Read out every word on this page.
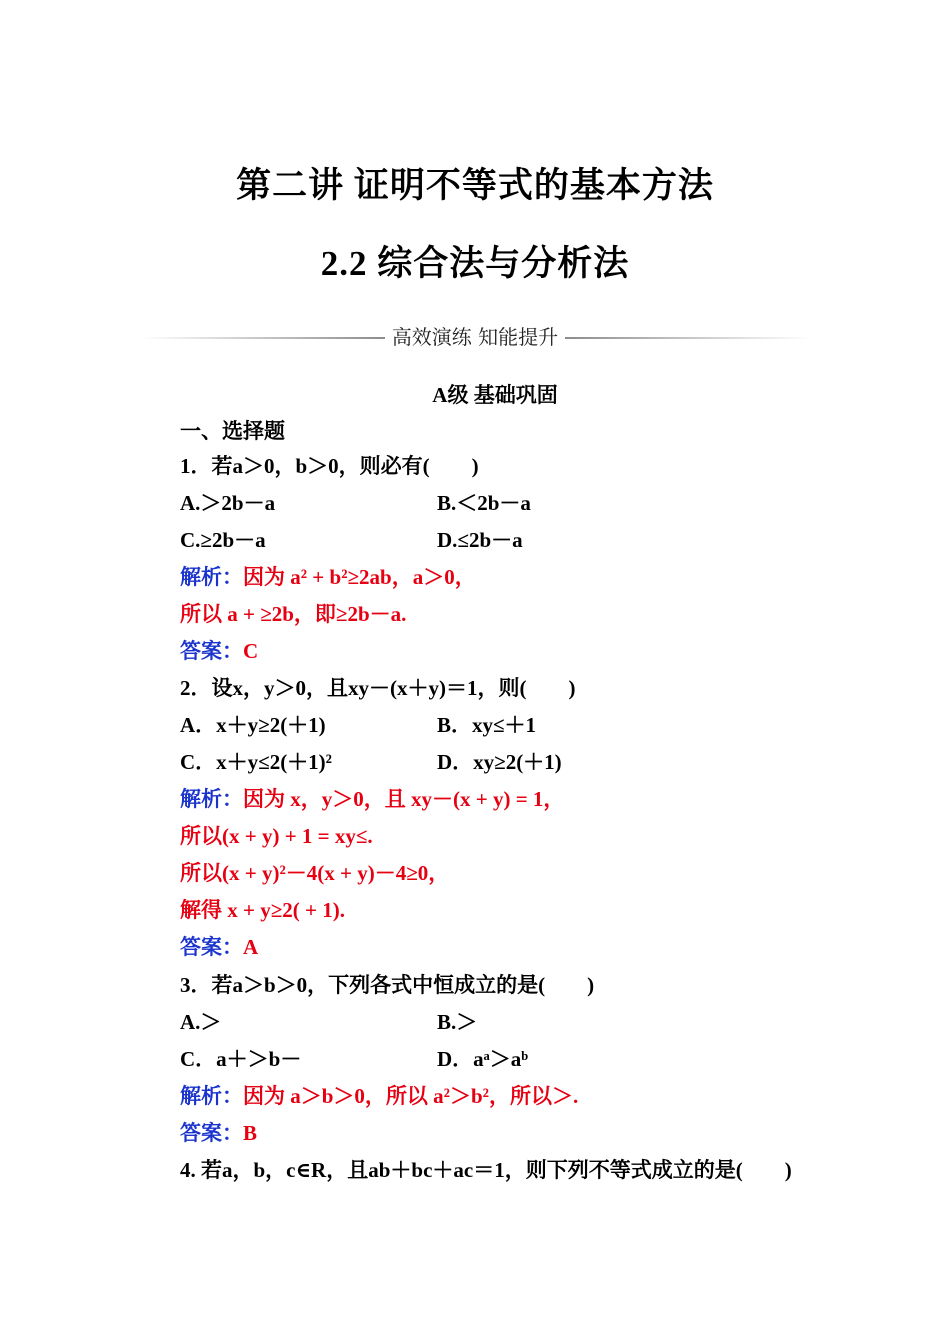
第二讲 证明不等式的基本方法
2.2 综合法与分析法
高效演练 知能提升
A级 基础巩固
一、选择题
1．若a＞0，b＞0，则必有(　　)
A.＞2b－a	B.＜2b－a
C.≥2b－a	D.≤2b－a
解析：因为 a² + b²≥2ab，a＞0，
所以 a + ≥2b，即≥2b－a.
答案：C
2．设x，y＞0，且xy－(x＋y)＝1，则(　　)
A．x＋y≥2(＋1)	B．xy≤＋1
C．x＋y≤2(＋1)²	D．xy≥2(＋1)
解析：因为 x，y＞0，且 xy－(x + y) = 1，
所以(x + y) + 1 = xy≤.
所以(x + y)²－4(x + y)－4≥0，
解得 x + y≥2( + 1).
答案：A
3．若a＞b＞0，下列各式中恒成立的是(　　)
A.＞	B.＞
C．a＋＞b－	D．aᵃ＞aᵇ
解析：因为 a＞b＞0，所以 a²＞b²，所以＞.
答案：B
4. 若a，b，c∈R，且ab＋bc＋ac＝1，则下列不等式成立的是(　　)
